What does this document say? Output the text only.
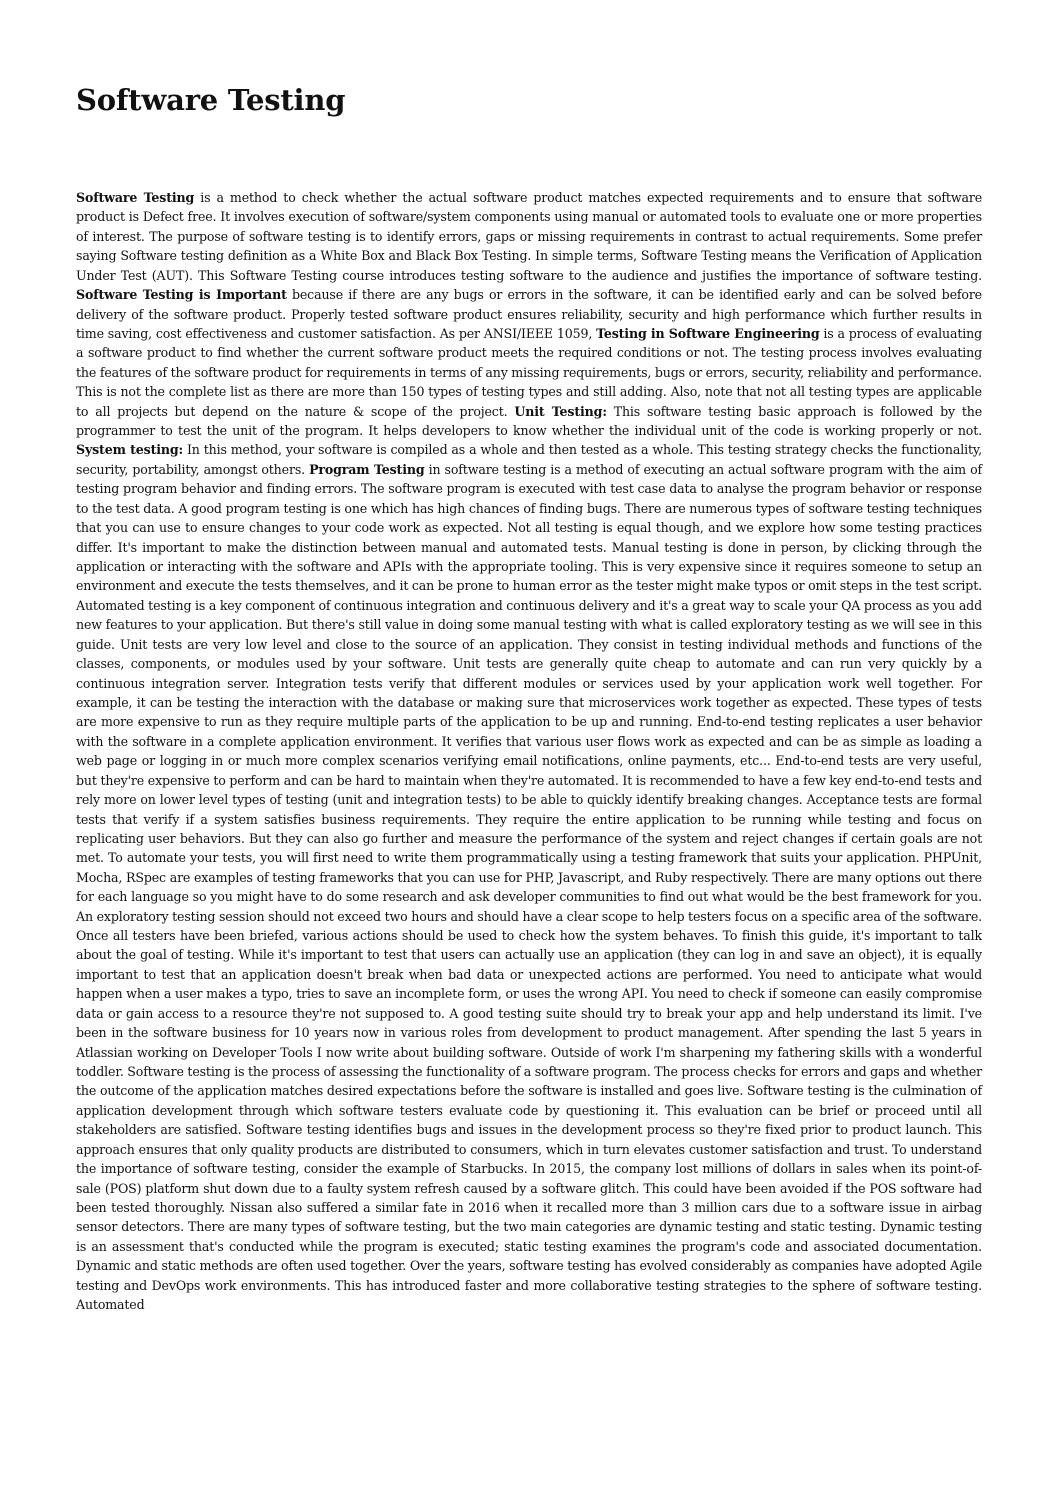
Software Testing
Software Testing is a method to check whether the actual software product matches expected requirements and to ensure that software product is Defect free. It involves execution of software/system components using manual or automated tools to evaluate one or more properties of interest. The purpose of software testing is to identify errors, gaps or missing requirements in contrast to actual requirements. Some prefer saying Software testing definition as a White Box and Black Box Testing. In simple terms, Software Testing means the Verification of Application Under Test (AUT). This Software Testing course introduces testing software to the audience and justifies the importance of software testing. Software Testing is Important because if there are any bugs or errors in the software, it can be identified early and can be solved before delivery of the software product. Properly tested software product ensures reliability, security and high performance which further results in time saving, cost effectiveness and customer satisfaction. As per ANSI/IEEE 1059, Testing in Software Engineering is a process of evaluating a software product to find whether the current software product meets the required conditions or not. The testing process involves evaluating the features of the software product for requirements in terms of any missing requirements, bugs or errors, security, reliability and performance. This is not the complete list as there are more than 150 types of testing types and still adding. Also, note that not all testing types are applicable to all projects but depend on the nature & scope of the project. Unit Testing: This software testing basic approach is followed by the programmer to test the unit of the program. It helps developers to know whether the individual unit of the code is working properly or not. System testing: In this method, your software is compiled as a whole and then tested as a whole. This testing strategy checks the functionality, security, portability, amongst others. Program Testing in software testing is a method of executing an actual software program with the aim of testing program behavior and finding errors. The software program is executed with test case data to analyse the program behavior or response to the test data. A good program testing is one which has high chances of finding bugs. There are numerous types of software testing techniques that you can use to ensure changes to your code work as expected. Not all testing is equal though, and we explore how some testing practices differ. It's important to make the distinction between manual and automated tests. Manual testing is done in person, by clicking through the application or interacting with the software and APIs with the appropriate tooling. This is very expensive since it requires someone to setup an environment and execute the tests themselves, and it can be prone to human error as the tester might make typos or omit steps in the test script. Automated testing is a key component of continuous integration and continuous delivery and it's a great way to scale your QA process as you add new features to your application. But there's still value in doing some manual testing with what is called exploratory testing as we will see in this guide. Unit tests are very low level and close to the source of an application. They consist in testing individual methods and functions of the classes, components, or modules used by your software. Unit tests are generally quite cheap to automate and can run very quickly by a continuous integration server. Integration tests verify that different modules or services used by your application work well together. For example, it can be testing the interaction with the database or making sure that microservices work together as expected. These types of tests are more expensive to run as they require multiple parts of the application to be up and running. End-to-end testing replicates a user behavior with the software in a complete application environment. It verifies that various user flows work as expected and can be as simple as loading a web page or logging in or much more complex scenarios verifying email notifications, online payments, etc... End-to-end tests are very useful, but they're expensive to perform and can be hard to maintain when they're automated. It is recommended to have a few key end-to-end tests and rely more on lower level types of testing (unit and integration tests) to be able to quickly identify breaking changes. Acceptance tests are formal tests that verify if a system satisfies business requirements. They require the entire application to be running while testing and focus on replicating user behaviors. But they can also go further and measure the performance of the system and reject changes if certain goals are not met. To automate your tests, you will first need to write them programmatically using a testing framework that suits your application. PHPUnit, Mocha, RSpec are examples of testing frameworks that you can use for PHP, Javascript, and Ruby respectively. There are many options out there for each language so you might have to do some research and ask developer communities to find out what would be the best framework for you. An exploratory testing session should not exceed two hours and should have a clear scope to help testers focus on a specific area of the software. Once all testers have been briefed, various actions should be used to check how the system behaves. To finish this guide, it's important to talk about the goal of testing. While it's important to test that users can actually use an application (they can log in and save an object), it is equally important to test that an application doesn't break when bad data or unexpected actions are performed. You need to anticipate what would happen when a user makes a typo, tries to save an incomplete form, or uses the wrong API. You need to check if someone can easily compromise data or gain access to a resource they're not supposed to. A good testing suite should try to break your app and help understand its limit. I've been in the software business for 10 years now in various roles from development to product management. After spending the last 5 years in Atlassian working on Developer Tools I now write about building software. Outside of work I'm sharpening my fathering skills with a wonderful toddler. Software testing is the process of assessing the functionality of a software program. The process checks for errors and gaps and whether the outcome of the application matches desired expectations before the software is installed and goes live. Software testing is the culmination of application development through which software testers evaluate code by questioning it. This evaluation can be brief or proceed until all stakeholders are satisfied. Software testing identifies bugs and issues in the development process so they're fixed prior to product launch. This approach ensures that only quality products are distributed to consumers, which in turn elevates customer satisfaction and trust. To understand the importance of software testing, consider the example of Starbucks. In 2015, the company lost millions of dollars in sales when its point-of-sale (POS) platform shut down due to a faulty system refresh caused by a software glitch. This could have been avoided if the POS software had been tested thoroughly. Nissan also suffered a similar fate in 2016 when it recalled more than 3 million cars due to a software issue in airbag sensor detectors. There are many types of software testing, but the two main categories are dynamic testing and static testing. Dynamic testing is an assessment that's conducted while the program is executed; static testing examines the program's code and associated documentation. Dynamic and static methods are often used together. Over the years, software testing has evolved considerably as companies have adopted Agile testing and DevOps work environments. This has introduced faster and more collaborative testing strategies to the sphere of software testing. Automated
